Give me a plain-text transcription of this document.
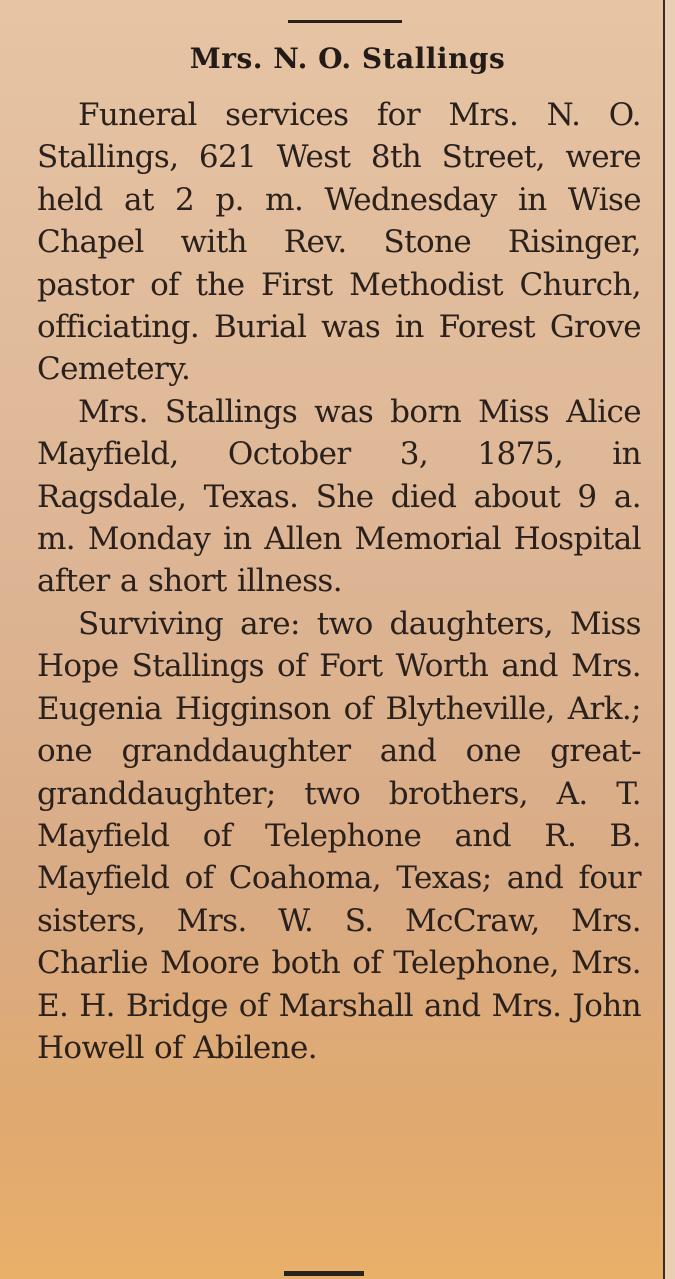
Mrs. N. O. Stallings

Funeral services for Mrs. N. O. Stallings, 621 West 8th Street, were held at 2 p. m. Wednesday in Wise Chapel with Rev. Stone Risinger, pastor of the First Methodist Church, officiating. Burial was in Forest Grove Cemetery.

Mrs. Stallings was born Miss Alice Mayfield, October 3, 1875, in Ragsdale, Texas. She died about 9 a. m. Monday in Allen Memorial Hospital after a short illness.

Surviving are: two daughters, Miss Hope Stallings of Fort Worth and Mrs. Eugenia Higginson of Blytheville, Ark.; one granddaughter and one great-granddaughter; two brothers, A. T. Mayfield of Telephone and R. B. Mayfield of Coahoma, Texas; and four sisters, Mrs. W. S. McCraw, Mrs. Charlie Moore both of Telephone, Mrs. E. H. Bridge of Marshall and Mrs. John Howell of Abilene.
